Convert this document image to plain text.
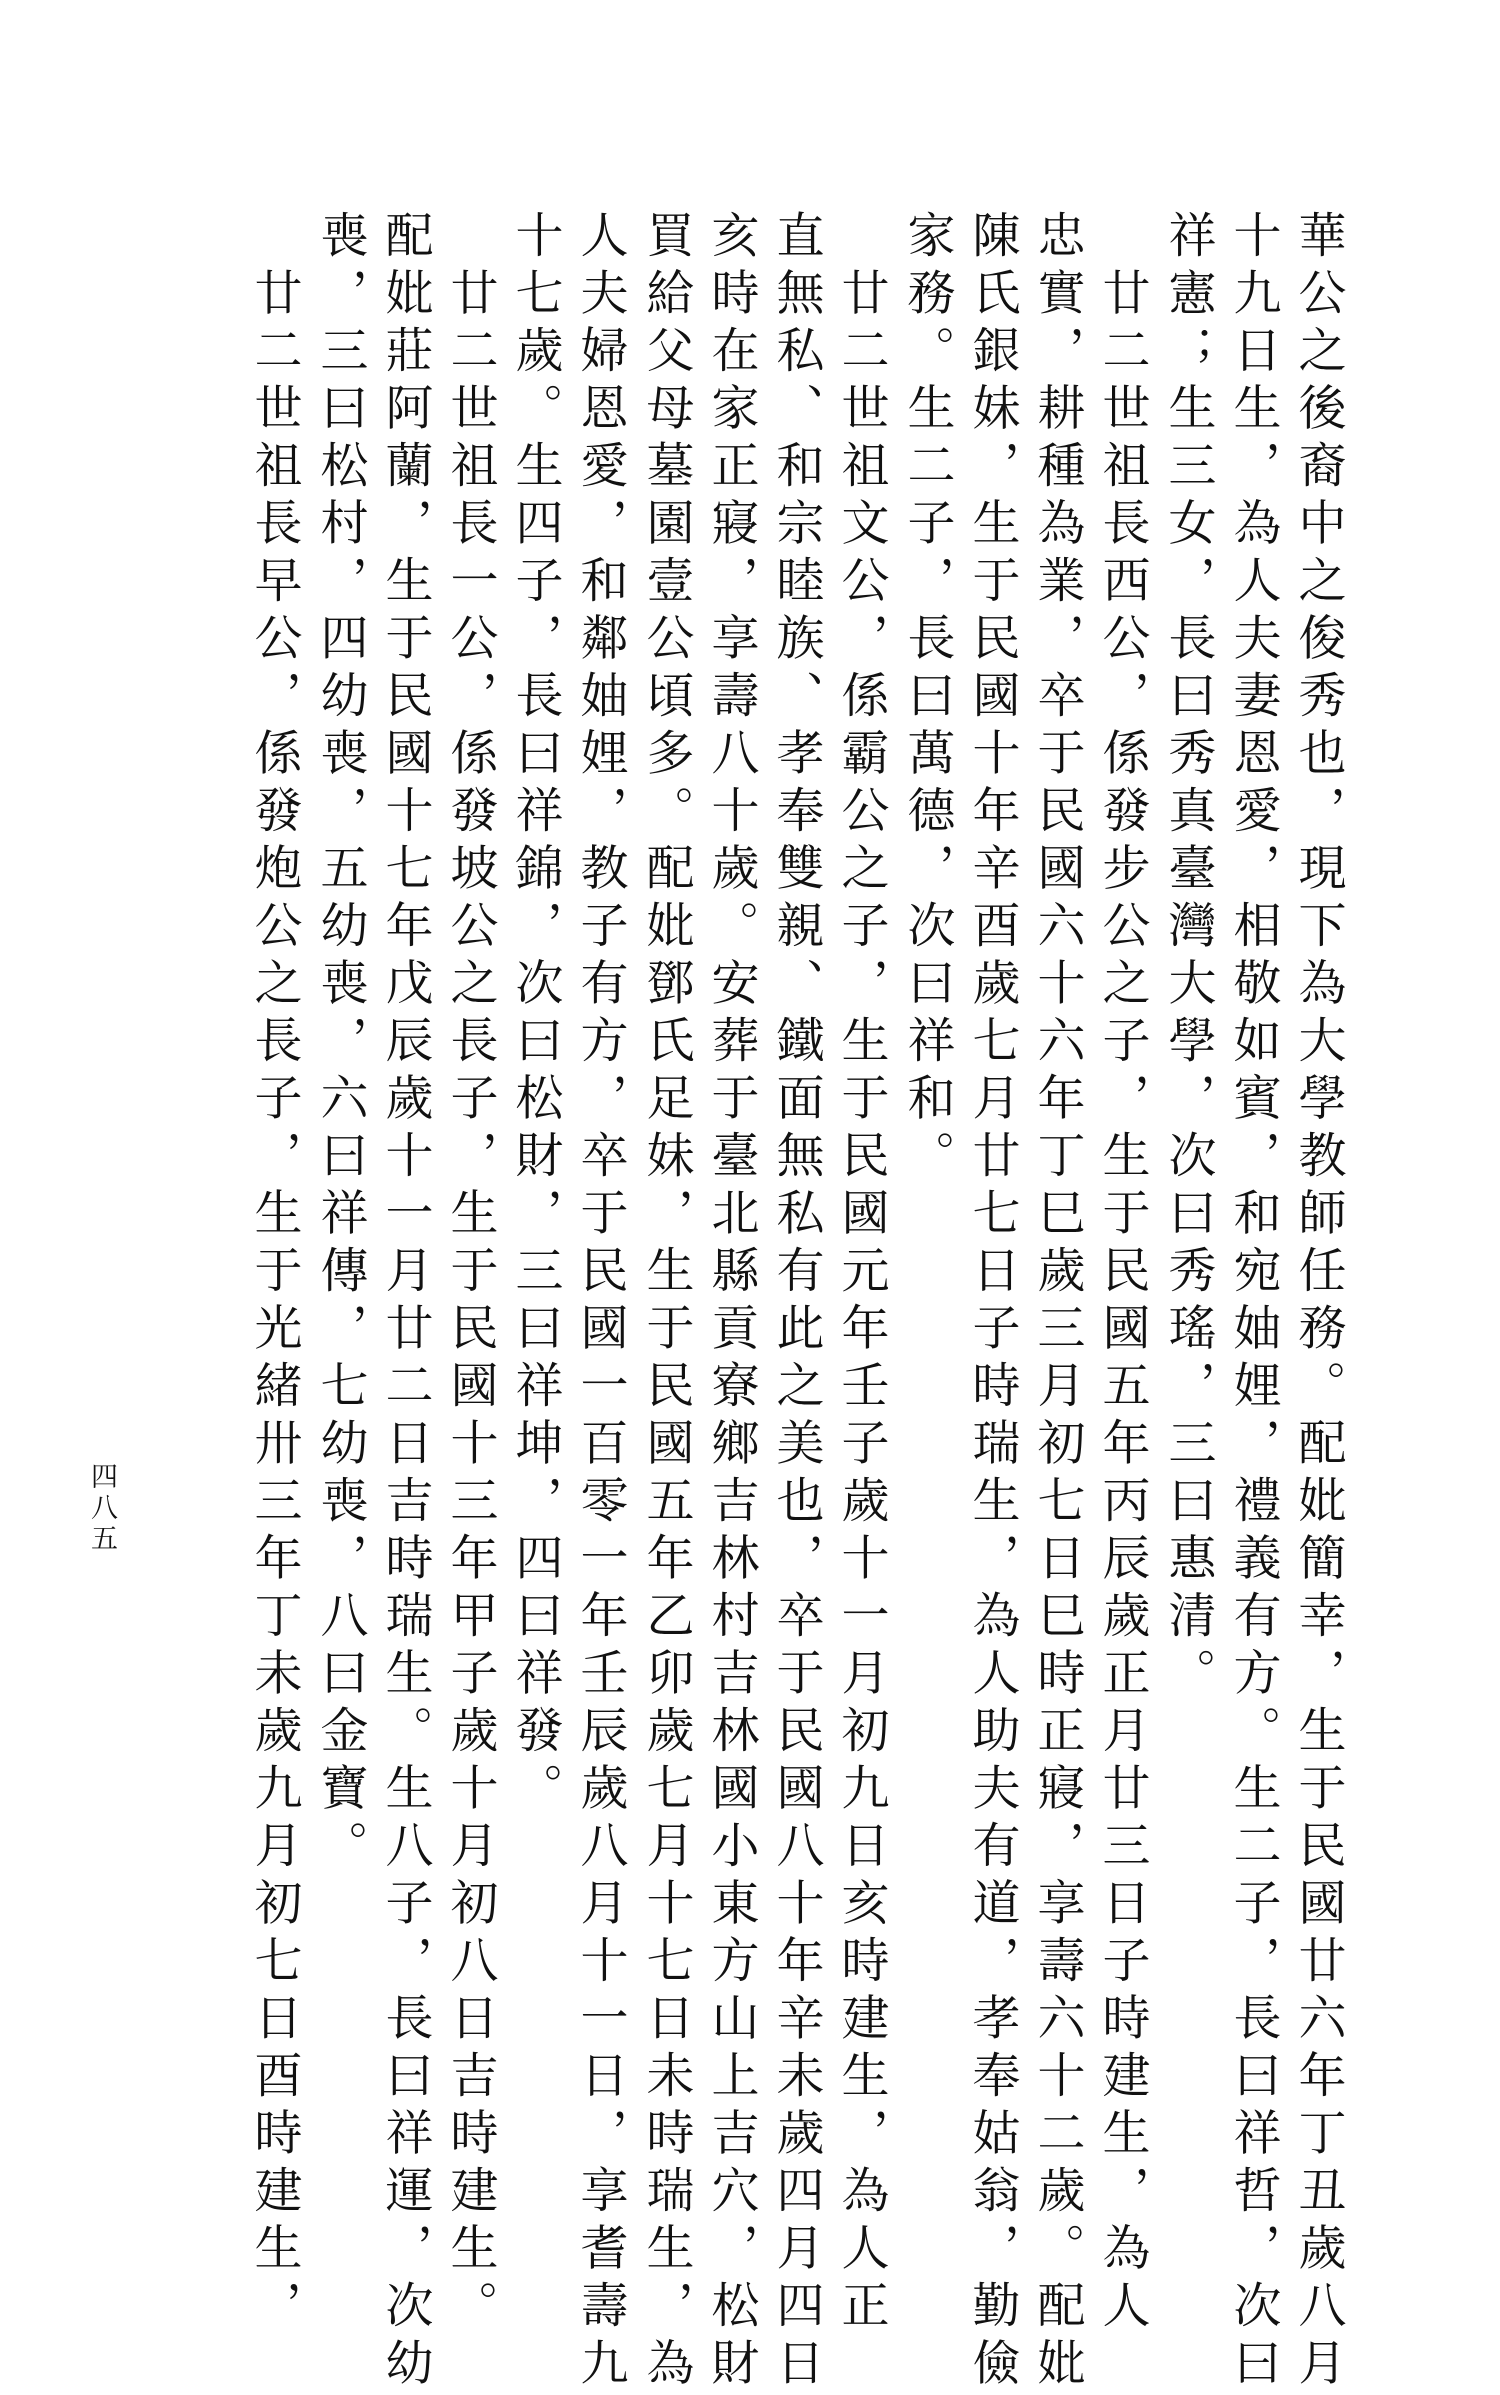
華公之後裔中之俊秀也，現下為大學教師任務。配妣簡幸，生于民國廿六年丁丑歲八月
十九日生，為人夫妻恩愛，相敬如賓，和宛妯娌，禮義有方。生二子，長曰祥哲，次曰
祥憲；生三女，長曰秀真臺灣大學，次曰秀瑤，三曰惠清。
　廿二世祖長西公，係發步公之子，生于民國五年丙辰歲正月廿三日子時建生，為人
忠實，耕種為業，卒于民國六十六年丁巳歲三月初七日巳時正寢，享壽六十二歲。配妣
陳氏銀妹，生于民國十年辛酉歲七月廿七日子時瑞生，為人助夫有道，孝奉姑翁，勤儉
家務。生二子，長曰萬德，次曰祥和。
　廿二世祖文公，係霸公之子，生于民國元年壬子歲十一月初九日亥時建生，為人正
直無私、和宗睦族、孝奉雙親、鐵面無私有此之美也，卒于民國八十年辛未歲四月四日
亥時在家正寢，享壽八十歲。安葬于臺北縣貢寮鄉吉林村吉林國小東方山上吉穴，松財
買給父母墓園壹公頃多。配妣鄧氏足妹，生于民國五年乙卯歲七月十七日未時瑞生，為
人夫婦恩愛，和鄰妯娌，教子有方，卒于民國一百零一年壬辰歲八月十一日，享耆壽九
十七歲。生四子，長曰祥錦，次曰松財，三曰祥坤，四曰祥發。
　廿二世祖長一公，係發坡公之長子，生于民國十三年甲子歲十月初八日吉時建生。
配妣莊阿蘭，生于民國十七年戊辰歲十一月廿二日吉時瑞生。生八子，長曰祥運，次幼
喪，三曰松村，四幼喪，五幼喪，六曰祥傳，七幼喪，八曰金寶。
　廿二世祖長早公，係發炮公之長子，生于光緒卅三年丁未歲九月初七日酉時建生，
四八五
